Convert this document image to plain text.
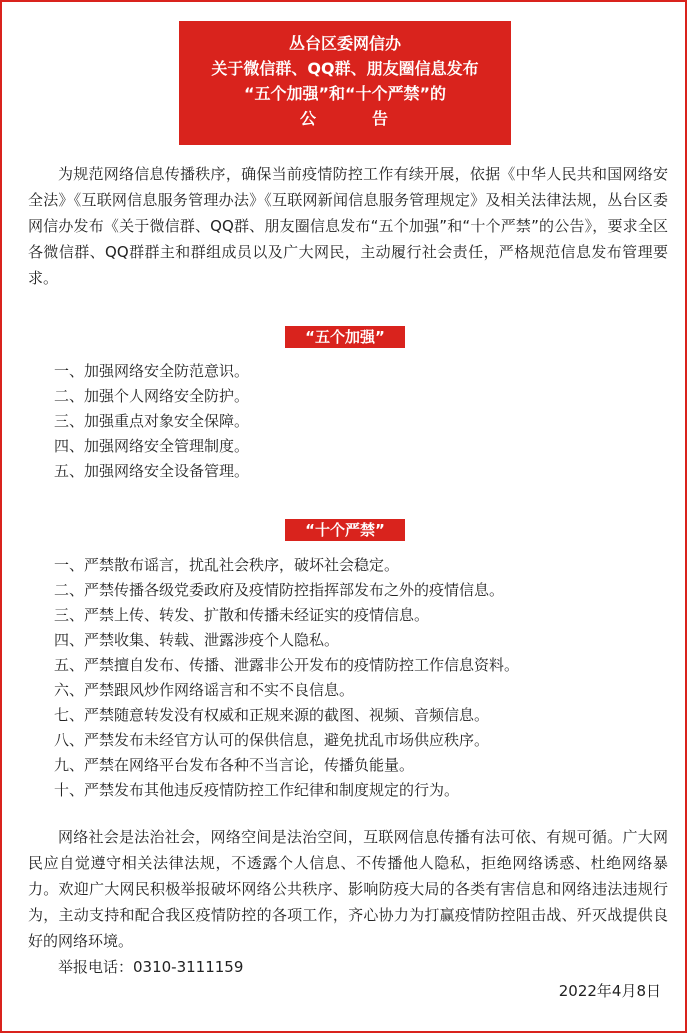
丛台区委网信办
关于微信群、QQ群、朋友圈信息发布
“五个加强”和“十个严禁”的
公　告

为规范网络信息传播秩序，确保当前疫情防控工作有续开展，依据《中华人民共和国网络安全法》《互联网信息服务管理办法》《互联网新闻信息服务管理规定》及相关法律法规，丛台区委网信办发布《关于微信群、QQ群、朋友圈信息发布“五个加强”和“十个严禁”的公告》，要求全区各微信群、QQ群群主和群组成员以及广大网民，主动履行社会责任，严格规范信息发布管理要求。

“五个加强”
一、加强网络安全防范意识。
二、加强个人网络安全防护。
三、加强重点对象安全保障。
四、加强网络安全管理制度。
五、加强网络安全设备管理。
“十个严禁”
一、严禁散布谣言，扰乱社会秩序，破坏社会稳定。
二、严禁传播各级党委政府及疫情防控指挥部发布之外的疫情信息。
三、严禁上传、转发、扩散和传播未经证实的疫情信息。
四、严禁收集、转载、泄露涉疫个人隐私。
五、严禁擅自发布、传播、泄露非公开发布的疫情防控工作信息资料。
六、严禁跟风炒作网络谣言和不实不良信息。
七、严禁随意转发没有权威和正规来源的截图、视频、音频信息。
八、严禁发布未经官方认可的保供信息，避免扰乱市场供应秩序。
九、严禁在网络平台发布各种不当言论，传播负能量。
十、严禁发布其他违反疫情防控工作纪律和制度规定的行为。

网络社会是法治社会，网络空间是法治空间，互联网信息传播有法可依、有规可循。广大网民应自觉遵守相关法律法规，不透露个人信息、不传播他人隐私，拒绝网络诱惑、杜绝网络暴力。欢迎广大网民积极举报破坏网络公共秩序、影响防疫大局的各类有害信息和网络违法违规行为，主动支持和配合我区疫情防控的各项工作，齐心协力为打赢疫情防控阻击战、歼灭战提供良好的网络环境。

举报电话：0310-3111159
2022年4月8日
